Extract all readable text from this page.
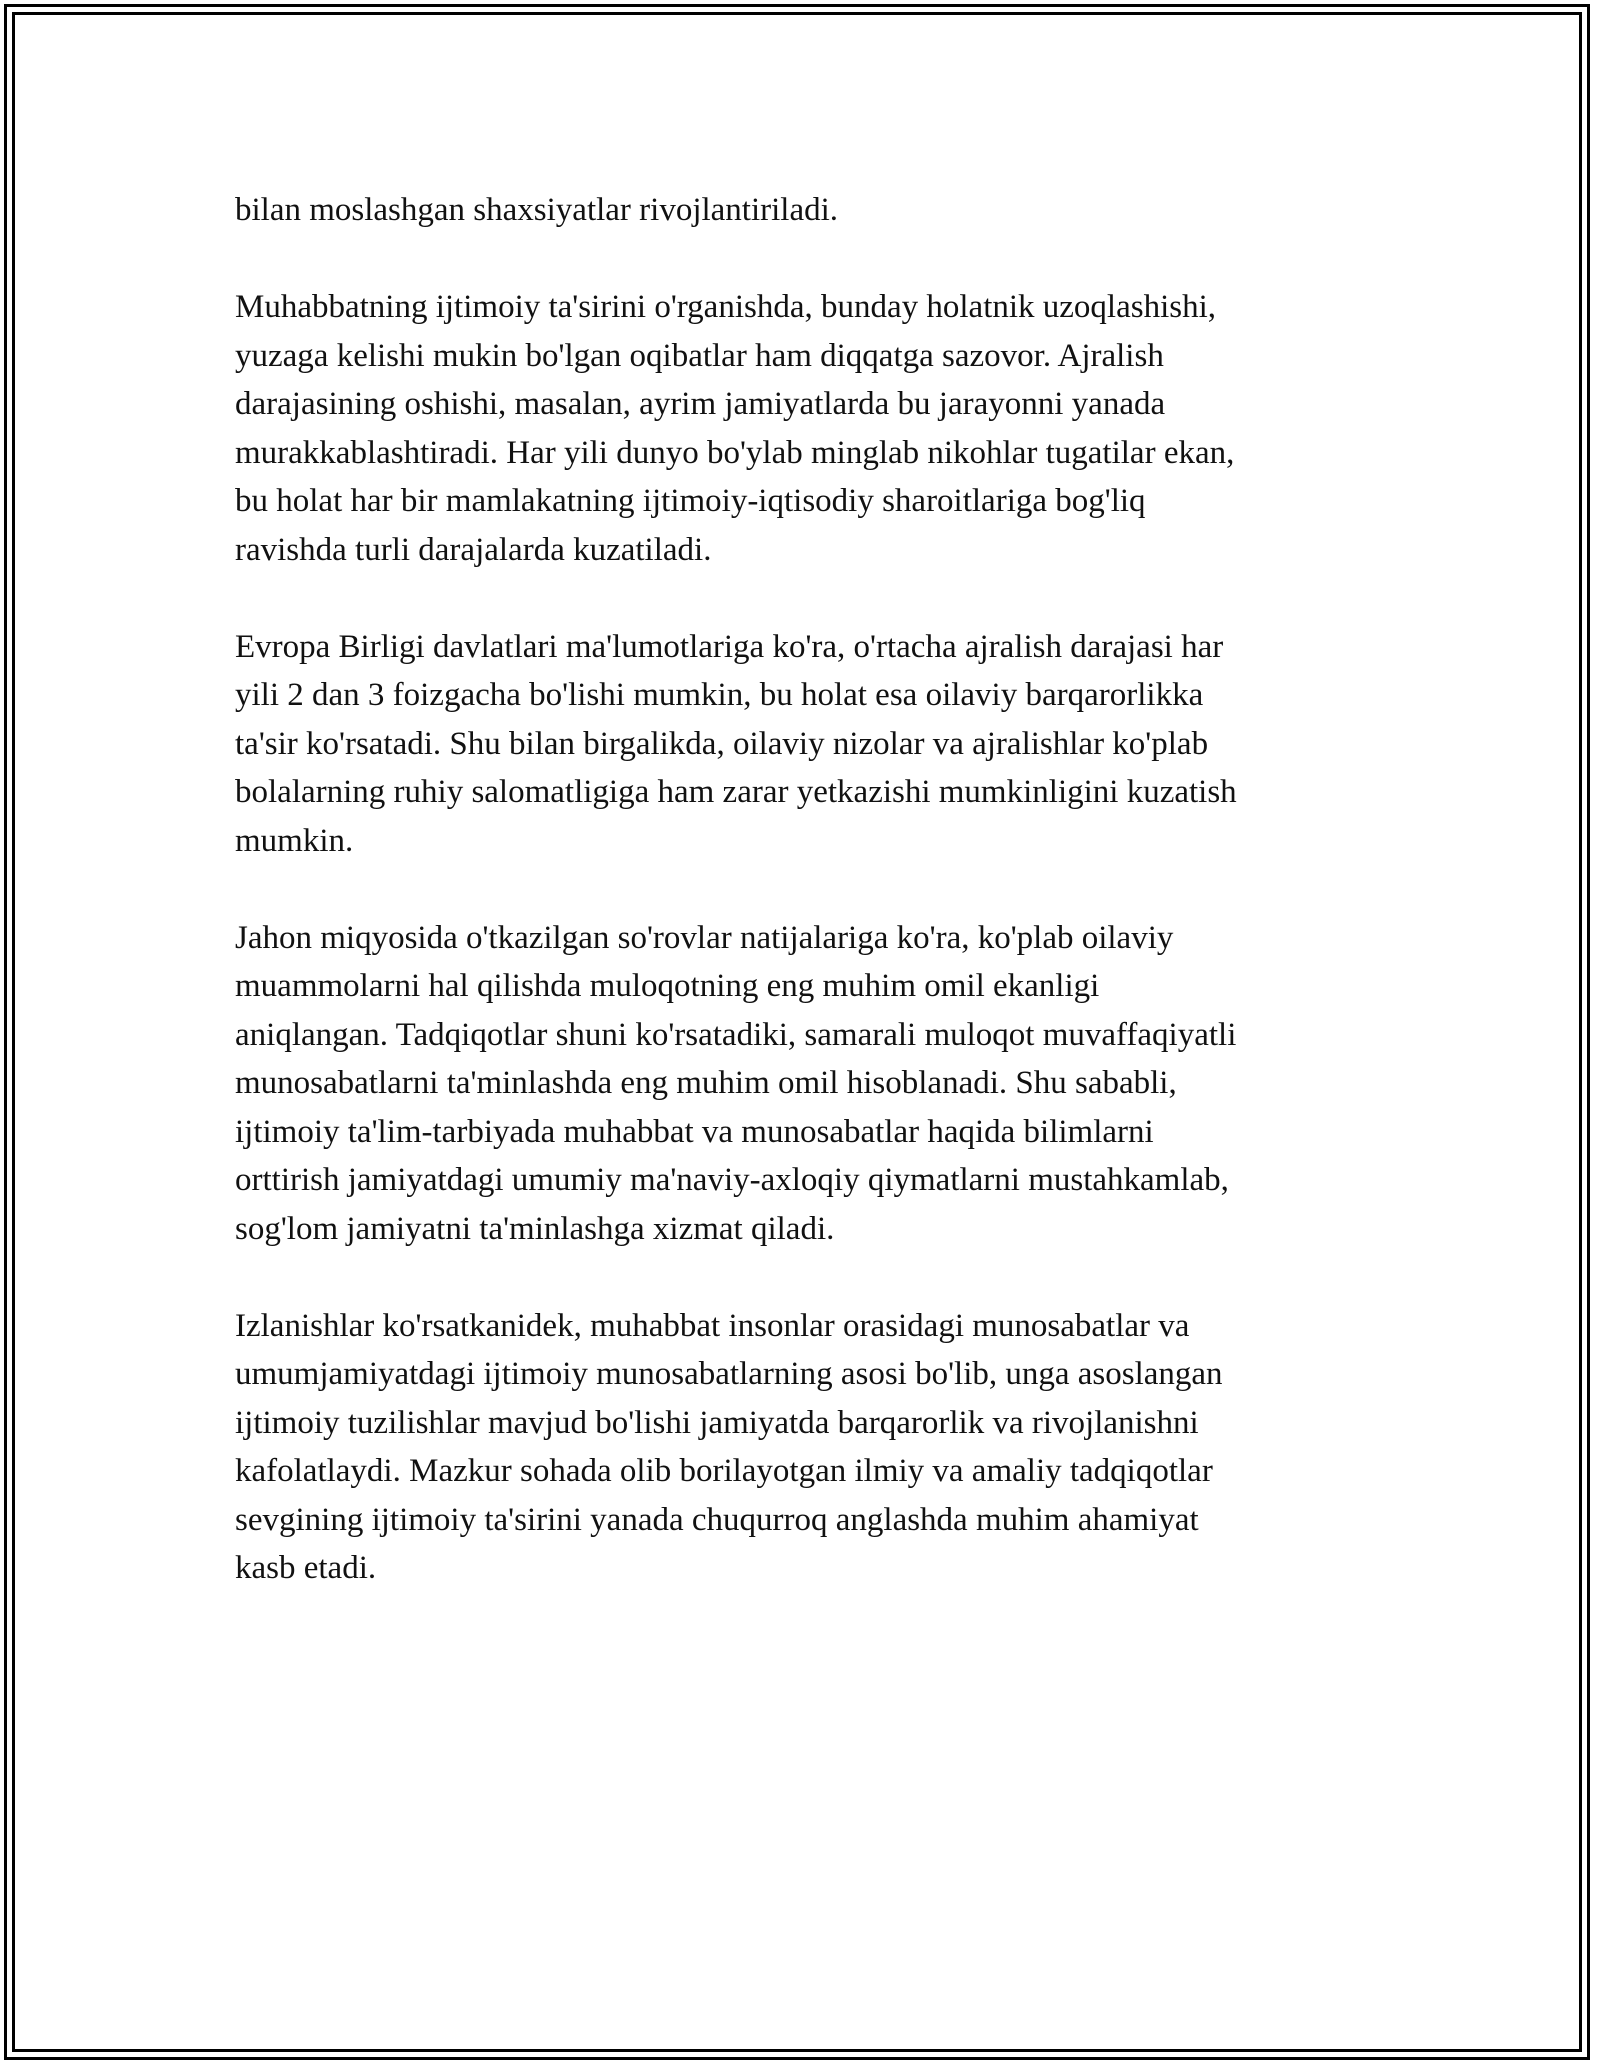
bilan moslashgan shaxsiyatlar rivojlantiriladi.

Muhabbatning ijtimoiy ta'sirini o'rganishda, bunday holatnik uzoqlashishi,
yuzaga kelishi mukin bo'lgan oqibatlar ham diqqatga sazovor. Ajralish
darajasining oshishi, masalan, ayrim jamiyatlarda bu jarayonni yanada
murakkablashtiradi. Har yili dunyo bo'ylab minglab nikohlar tugatilar ekan,
bu holat har bir mamlakatning ijtimoiy-iqtisodiy sharoitlariga bog'liq
ravishda turli darajalarda kuzatiladi.

Evropa Birligi davlatlari ma'lumotlariga ko'ra, o'rtacha ajralish darajasi har
yili 2 dan 3 foizgacha bo'lishi mumkin, bu holat esa oilaviy barqarorlikka
ta'sir ko'rsatadi. Shu bilan birgalikda, oilaviy nizolar va ajralishlar ko'plab
bolalarning ruhiy salomatligiga ham zarar yetkazishi mumkinligini kuzatish
mumkin.

Jahon miqyosida o'tkazilgan so'rovlar natijalariga ko'ra, ko'plab oilaviy
muammolarni hal qilishda muloqotning eng muhim omil ekanligi
aniqlangan. Tadqiqotlar shuni ko'rsatadiki, samarali muloqot muvaffaqiyatli
munosabatlarni ta'minlashda eng muhim omil hisoblanadi. Shu sababli,
ijtimoiy ta'lim-tarbiyada muhabbat va munosabatlar haqida bilimlarni
orttirish jamiyatdagi umumiy ma'naviy-axloqiy qiymatlarni mustahkamlab,
sog'lom jamiyatni ta'minlashga xizmat qiladi.

Izlanishlar ko'rsatkanidek, muhabbat insonlar orasidagi munosabatlar va
umumjamiyatdagi ijtimoiy munosabatlarning asosi bo'lib, unga asoslangan
ijtimoiy tuzilishlar mavjud bo'lishi jamiyatda barqarorlik va rivojlanishni
kafolatlaydi. Mazkur sohada olib borilayotgan ilmiy va amaliy tadqiqotlar
sevgining ijtimoiy ta'sirini yanada chuqurroq anglashda muhim ahamiyat
kasb etadi.
